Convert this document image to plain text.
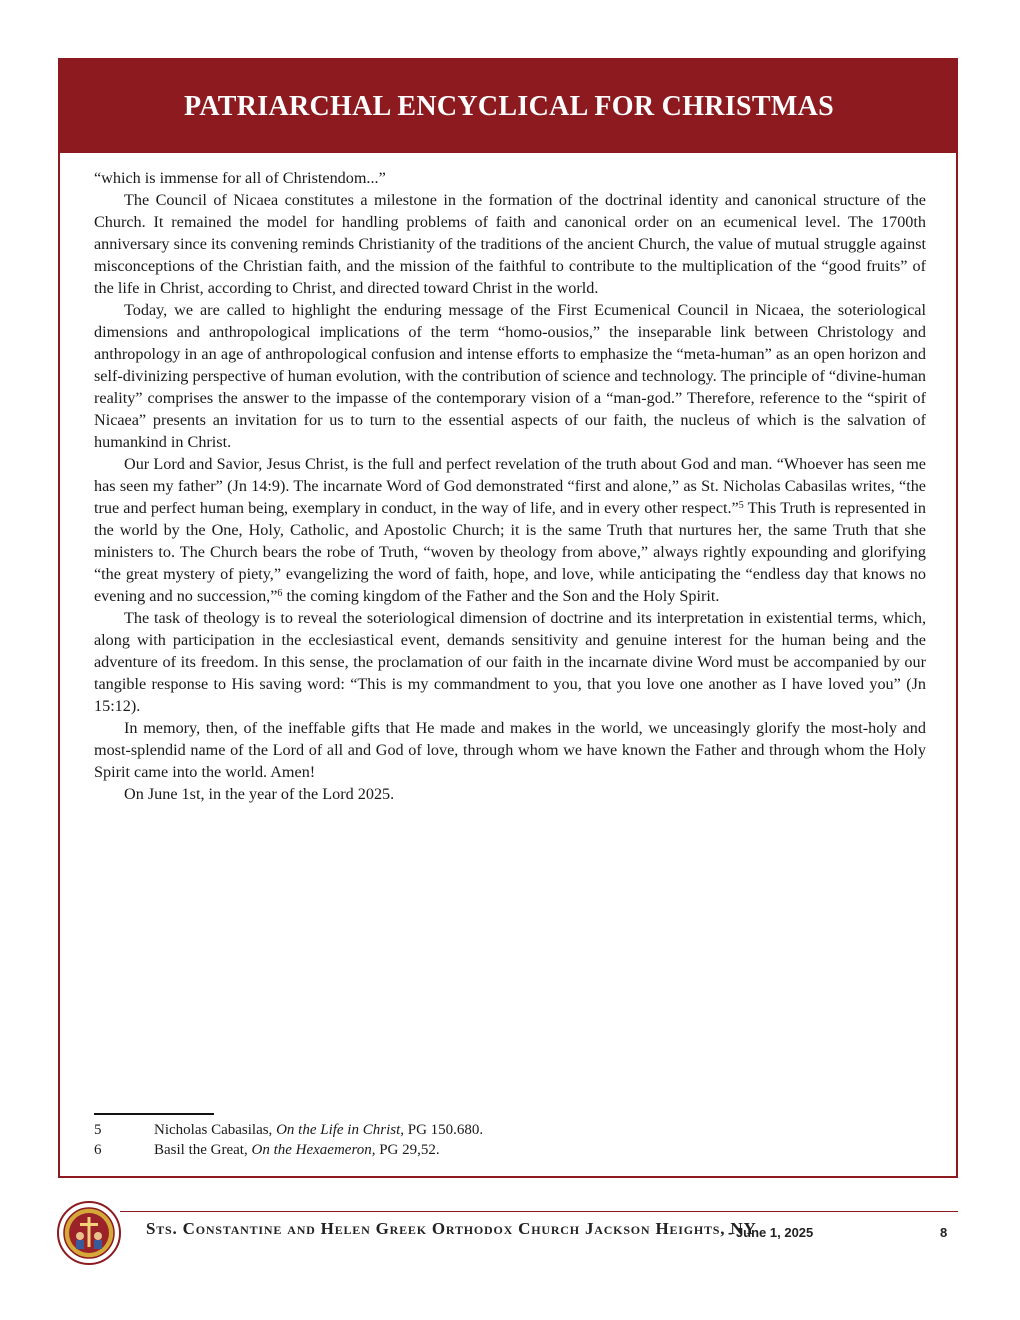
PATRIARCHAL ENCYCLICAL FOR CHRISTMAS

“which is immense for all of Christendom...”

The Council of Nicaea constitutes a milestone in the formation of the doctrinal identity and canonical structure of the Church. It remained the model for handling problems of faith and canonical order on an ecumenical level. The 1700th anniversary since its convening reminds Christianity of the traditions of the ancient Church, the value of mutual struggle against misconceptions of the Christian faith, and the mission of the faithful to contribute to the multiplication of the “good fruits” of the life in Christ, according to Christ, and directed toward Christ in the world.

Today, we are called to highlight the enduring message of the First Ecumenical Council in Nicaea, the soteriological dimensions and anthropological implications of the term “homo-ousios,” the inseparable link between Christology and anthropology in an age of anthropological confusion and intense efforts to emphasize the “meta-human” as an open horizon and self-divinizing perspective of human evolution, with the contribution of science and technology. The principle of “divine-human reality” comprises the answer to the impasse of the contemporary vision of a “man-god.” Therefore, reference to the “spirit of Nicaea” presents an invitation for us to turn to the essential aspects of our faith, the nucleus of which is the salvation of humankind in Christ.

Our Lord and Savior, Jesus Christ, is the full and perfect revelation of the truth about God and man. “Whoever has seen me has seen my father” (Jn 14:9). The incarnate Word of God demonstrated “first and alone,” as St. Nicholas Cabasilas writes, “the true and perfect human being, exemplary in conduct, in the way of life, and in every other respect.”$^5$ This Truth is represented in the world by the One, Holy, Catholic, and Apostolic Church; it is the same Truth that nurtures her, the same Truth that she ministers to. The Church bears the robe of Truth, “woven by theology from above,” always rightly expounding and glorifying “the great mystery of piety,” evangelizing the word of faith, hope, and love, while anticipating the “endless day that knows no evening and no succession,”$^6$ the coming kingdom of the Father and the Son and the Holy Spirit.

The task of theology is to reveal the soteriological dimension of doctrine and its interpretation in existential terms, which, along with participation in the ecclesiastical event, demands sensitivity and genuine interest for the human being and the adventure of its freedom. In this sense, the proclamation of our faith in the incarnate divine Word must be accompanied by our tangible response to His saving word: “This is my commandment to you, that you love one another as I have loved you” (Jn 15:12).

In memory, then, of the ineffable gifts that He made and makes in the world, we unceasingly glorify the most-holy and most-splendid name of the Lord of all and God of love, through whom we have known the Father and through whom the Holy Spirit came into the world. Amen!

On June 1st, in the year of the Lord 2025.

5	Nicholas Cabasilas, On the Life in Christ, PG 150.680.
6	Basil the Great, On the Hexaemeron, PG 29,52.
Sts. Constantine and Helen Greek Orthodox Church Jackson Heights, NY
- June 1, 2025	8
